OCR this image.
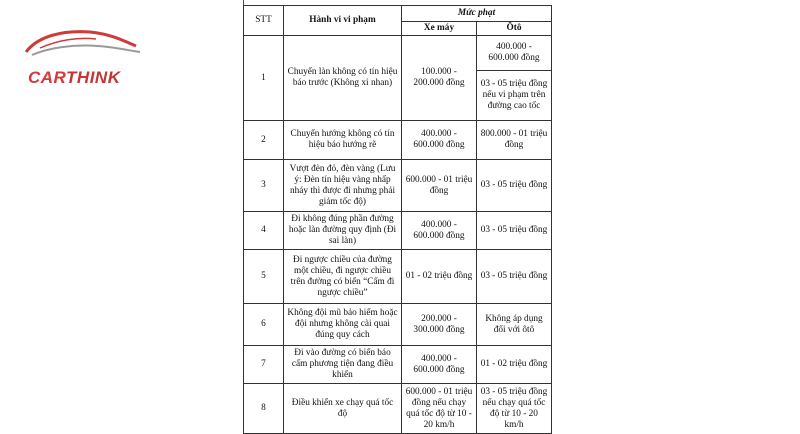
CARTHINK
STT	Hành vi vi phạm	Mức phạt	
		Xe máy	Ôtô
1	Chuyển làn không có tín hiệu báo trước (Không xi nhan)	100.000 - 200.000 đồng	400.000 - 600.000 đồng
			03 - 05 triệu đồng nếu vi phạm trên đường cao tốc
2	Chuyển hướng không có tín hiệu báo hướng rẽ	400.000 - 600.000 đồng	800.000 - 01 triệu đồng
3	Vượt đèn đỏ, đèn vàng (Lưu ý: Đèn tín hiệu vàng nhấp nháy thì được đi nhưng phải giảm tốc độ)	600.000 - 01 triệu đồng	03 - 05 triệu đồng
4	Đi không đúng phần đường hoặc làn đường quy định (Đi sai làn)	400.000 - 600.000 đồng	03 - 05 triệu đồng
5	Đi ngược chiều của đường một chiều, đi ngược chiều trên đường có biển “Cấm đi ngược chiều”	01 - 02 triệu đồng	03 - 05 triệu đồng
6	Không đội mũ bảo hiểm hoặc đội nhưng không cài quai đúng quy cách	200.000 - 300.000 đồng	Không áp dụng đối với ôtô
7	Đi vào đường có biển báo cấm phương tiện đang điều khiển	400.000 - 600.000 đồng	01 - 02 triệu đồng
8	Điều khiển xe chạy quá tốc độ	600.000 - 01 triệu đồng nếu chạy quá tốc độ từ 10 - 20 km/h	03 - 05 triệu đồng nếu chạy quá tốc độ từ 10 - 20 km/h
